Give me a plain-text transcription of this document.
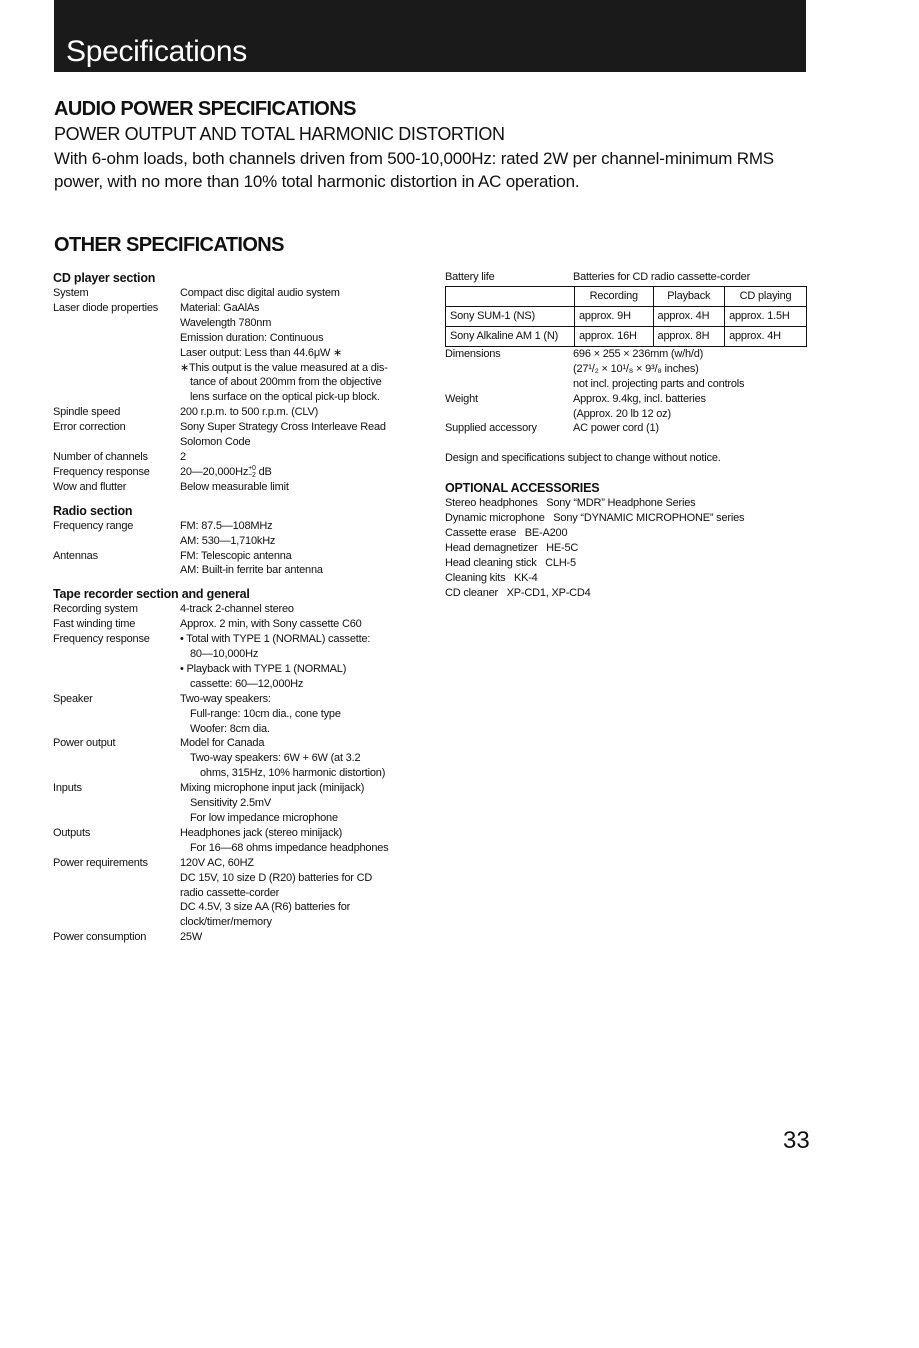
Specifications
AUDIO POWER SPECIFICATIONS
POWER OUTPUT AND TOTAL HARMONIC DISTORTION
With 6-ohm loads, both channels driven from 500-10,000Hz: rated 2W per channel-minimum RMS power, with no more than 10% total harmonic distortion in AC operation.
OTHER SPECIFICATIONS
CD player section
System	Compact disc digital audio system
Laser diode properties	Material: GaAlAs
Wavelength 780nm
Emission duration: Continuous
Laser output: Less than 44.6μW ∗
∗This output is the value measured at a dis-
tance of about 200mm from the objective
lens surface on the optical pick-up block.
Spindle speed	200 r.p.m. to 500 r.p.m. (CLV)
Error correction	Sony Super Strategy Cross Interleave Read
Solomon Code
Number of channels	2
Frequency response	20—20,000Hz +0
−2 dB
Wow and flutter	Below measurable limit
Radio section
Frequency range	FM: 87.5—108MHz
AM: 530—1,710kHz
Antennas	FM: Telescopic antenna
AM: Built-in ferrite bar antenna
Tape recorder section and general
Recording system	4-track 2-channel stereo
Fast winding time	Approx. 2 min, with Sony cassette C60
Frequency response	• Total with TYPE 1 (NORMAL) cassette:
80—10,000Hz
• Playback with TYPE 1 (NORMAL)
cassette: 60—12,000Hz
Speaker	Two-way speakers:
Full-range: 10cm dia., cone type
Woofer: 8cm dia.
Power output	Model for Canada
Two-way speakers: 6W + 6W (at 3.2
ohms, 315Hz, 10% harmonic distortion)
Inputs	Mixing microphone input jack (minijack)
Sensitivity 2.5mV
For low impedance microphone
Outputs	Headphones jack (stereo minijack)
For 16—68 ohms impedance headphones
Power requirements	120V AC, 60HZ
DC 15V, 10 size D (R20) batteries for CD
radio cassette-corder
DC 4.5V, 3 size AA (R6) batteries for
clock/timer/memory
Power consumption	25W
Battery life	Batteries for CD radio cassette-corder
	Recording	Playback	CD playing
Sony SUM-1 (NS)	approx. 9H	approx. 4H	approx. 1.5H
Sony Alkaline AM 1 (N)	approx. 16H	approx. 8H	approx. 4H
Dimensions	696 × 255 × 236mm (w/h/d)
(27¹/₂ × 10¹/₈ × 9³/₈ inches)
not incl. projecting parts and controls
Weight	Approx. 9.4kg, incl. batteries
(Approx. 20 lb 12 oz)
Supplied accessory	AC power cord (1)
Design and specifications subject to change without notice.
OPTIONAL ACCESSORIES
Stereo headphones   Sony “MDR” Headphone Series
Dynamic microphone   Sony “DYNAMIC MICROPHONE” series
Cassette erase   BE-A200
Head demagnetizer   HE-5C
Head cleaning stick   CLH-5
Cleaning kits   KK-4
CD cleaner   XP-CD1, XP-CD4
33
